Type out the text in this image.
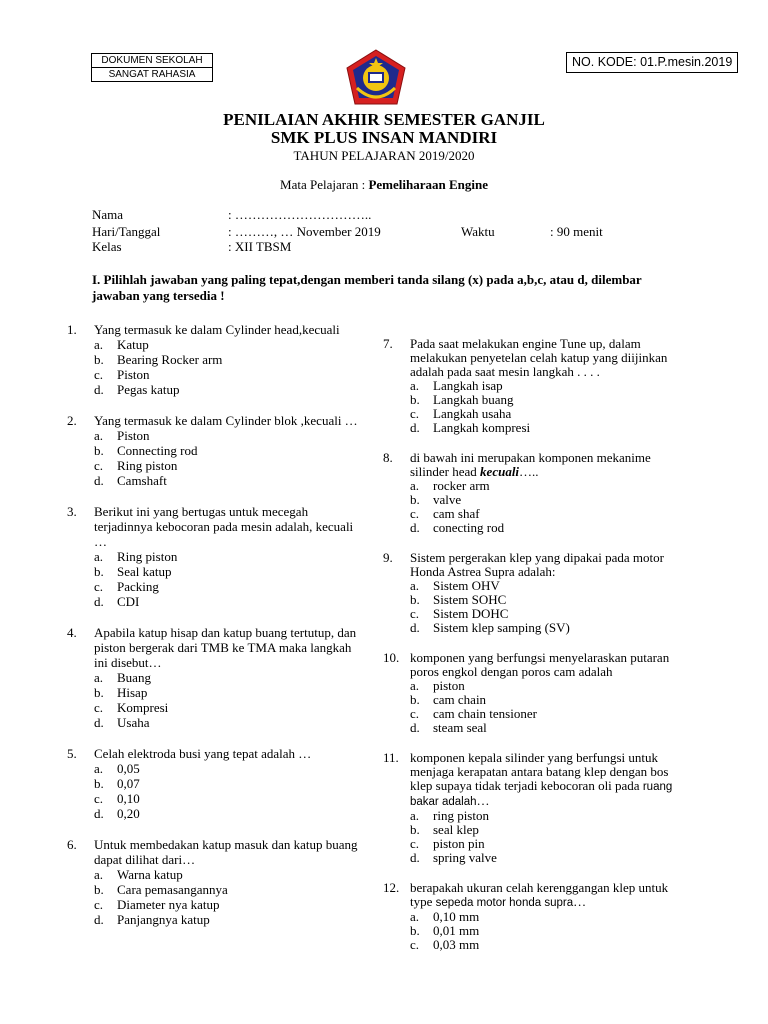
DOKUMEN SEKOLAH
SANGAT RAHASIA
NO. KODE: 01.P.mesin.2019
PENILAIAN AKHIR SEMESTER GANJIL
SMK PLUS INSAN MANDIRI
TAHUN PELAJARAN 2019/2020
Mata Pelajaran : Pemeliharaan Engine
Nama	: …………………………..
Hari/Tanggal	: ………, … November 2019	Waktu	: 90 menit
Kelas	: XII TBSM
I. Pilihlah jawaban yang paling tepat,dengan memberi tanda silang (x) pada a,b,c, atau d, dilembar jawaban yang tersedia !
1. Yang termasuk ke dalam Cylinder head,kecuali
a. Katup
b. Bearing Rocker arm
c. Piston
d. Pegas katup
2. Yang termasuk ke dalam Cylinder blok ,kecuali …
a. Piston
b. Connecting rod
c. Ring piston
d. Camshaft
3. Berikut ini yang bertugas untuk mecegah terjadinnya kebocoran pada mesin adalah, kecuali …
a. Ring piston
b. Seal katup
c. Packing
d. CDI
4. Apabila katup hisap dan katup buang tertutup, dan piston bergerak dari TMB ke TMA maka langkah ini disebut…
a. Buang
b. Hisap
c. Kompresi
d. Usaha
5. Celah elektroda busi yang tepat adalah …
a. 0,05
b. 0,07
c. 0,10
d. 0,20
6. Untuk membedakan katup masuk dan katup buang dapat dilihat dari…
a. Warna katup
b. Cara pemasangannya
c. Diameter nya katup
d. Panjangnya katup
7. Pada saat melakukan engine Tune up, dalam melakukan penyetelan celah katup yang diijinkan adalah pada saat mesin langkah . . . .
a. Langkah isap
b. Langkah buang
c. Langkah usaha
d. Langkah kompresi
8. di bawah ini merupakan komponen mekanime silinder head kecuali…..
a. rocker arm
b. valve
c. cam shaf
d. conecting rod
9. Sistem pergerakan klep yang dipakai pada motor Honda Astrea Supra adalah:
a. Sistem OHV
b. Sistem SOHC
c. Sistem DOHC
d. Sistem klep samping (SV)
10. komponen yang berfungsi menyelaraskan putaran poros engkol dengan poros cam adalah
a. piston
b. cam chain
c. cam chain tensioner
d. steam seal
11. komponen kepala silinder yang berfungsi untuk menjaga kerapatan antara batang klep dengan bos klep supaya tidak terjadi kebocoran oli pada ruang bakar adalah…
a. ring piston
b. seal klep
c. piston pin
d. spring valve
12. berapakah ukuran celah kerenggangan klep untuk type sepeda motor honda supra…
a. 0,10 mm
b. 0,01 mm
c. 0,03 mm
